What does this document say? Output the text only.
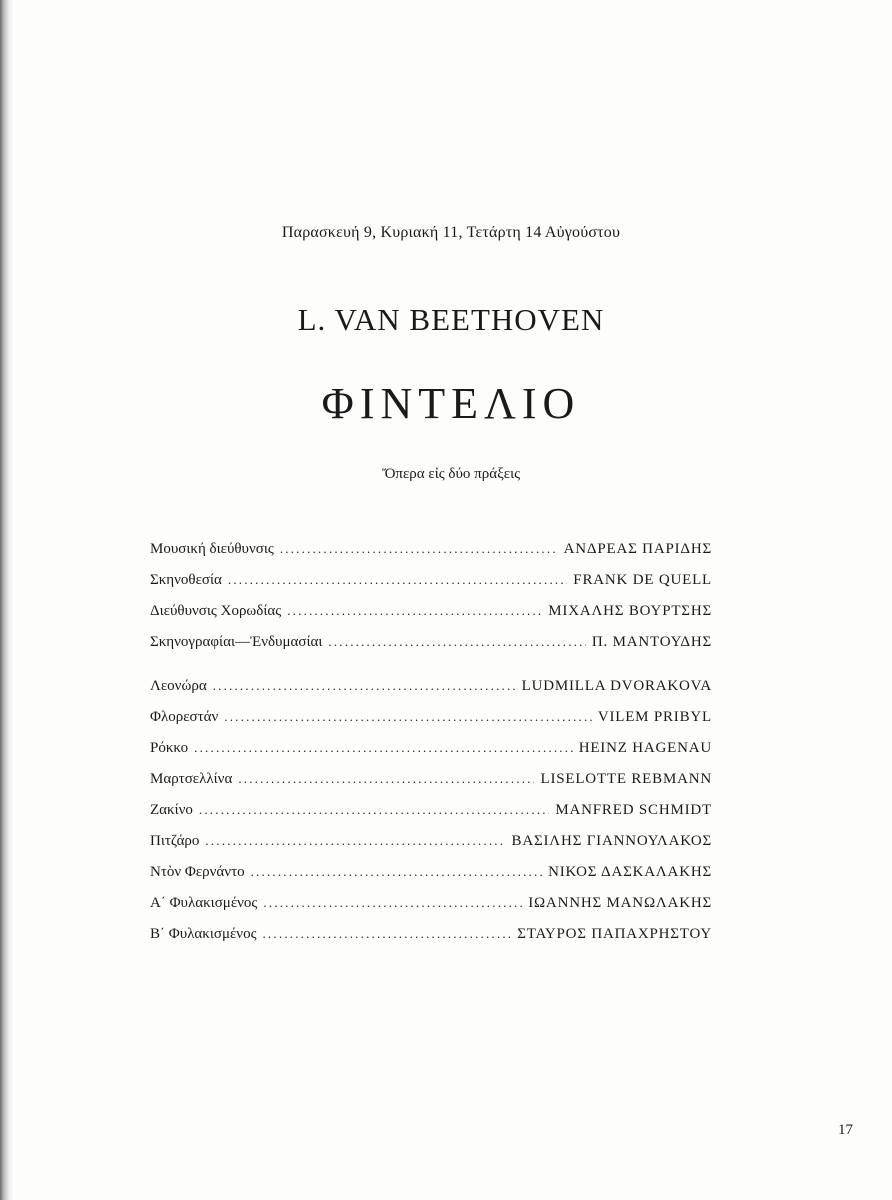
Παρασκευή 9, Κυριακή 11, Τετάρτη 14 Αὐγούστου
L. VAN BEETHOVEN
ΦΙΝΤΕΛΙΟ
Ὄπερα εἰς δύο πράξεις
Μουσική διεύθυνσις .....	ΑΝΔΡΕΑΣ ΠΑΡΙΔΗΣ
Σκηνοθεσία .....	FRANK DE QUELL
Διεύθυνσις Χορωδίας .....	ΜΙΧΑΛΗΣ ΒΟΥΡΤΣΗΣ
Σκηνογραφίαι—Ἐνδυμασίαι .....	Π. ΜΑΝΤΟΥΔΗΣ
Λεονώρα .....	LUDMILLA DVORAKOVA
Φλορεστάν .....	VILEM PRIBYL
Ρόκκο .....	HEINZ HAGENAU
Μαρτσελλίνα .....	LISELOTTE REBMANN
Ζακίνο .....	MANFRED SCHMIDT
Πιτζάρο .....	ΒΑΣΙΛΗΣ ΓΙΑΝΝΟΥΛΑΚΟΣ
Ντὸν Φερνάντο .....	ΝΙΚΟΣ ΔΑΣΚΑΛΑΚΗΣ
Α΄ Φυλακισμένος .....	ΙΩΑΝΝΗΣ ΜΑΝΩΛΑΚΗΣ
Β΄ Φυλακισμένος .....	ΣΤΑΥΡΟΣ ΠΑΠΑΧΡΗΣΤΟΥ
17
